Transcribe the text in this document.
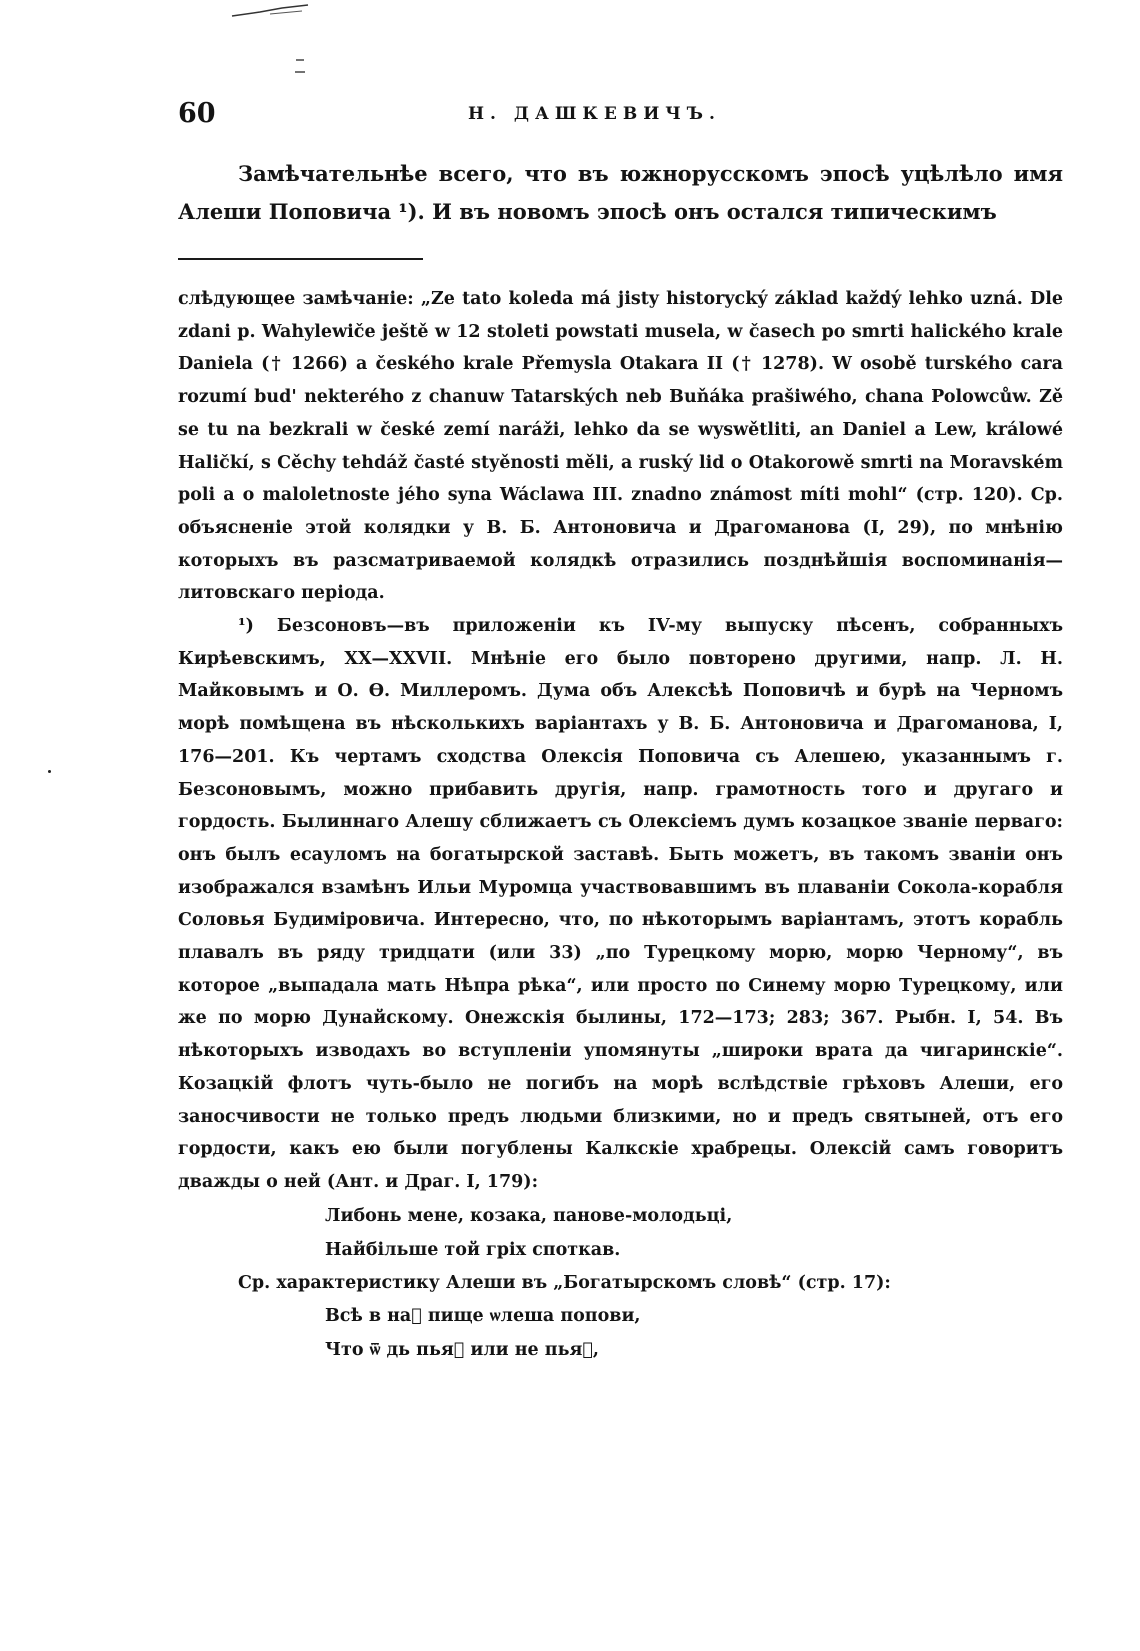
60	Н. ДАШКЕВИЧЪ.

Замѣчательнѣе всего, что въ южнорусскомъ эпосѣ уцѣлѣло имя Алеши Поповича ¹). И въ новомъ эпосѣ онъ остался типическимъ

слѣдующее замѣчаніе: „Ze tato koleda má jisty historycký základ každý lehko uzná. Dle zdani p. Wahylewiče ještě w 12 stoleti powstati musela, w časech po smrti halického krale Daniela († 1266) a českého krale Přemysla Otakara II († 1278). W osobě turského cara rozumí bud' nekterého z chanuw Tatarských neb Buňáka prašiwého, chana Polowcůw. Zě se tu na bezkrali w české zemí naráži, lehko da se wyswětliti, an Daniel a Lew, králowé Haličkí, s Cěchy tehdáž časté styěnosti měli, a ruský lid o Otakorowě smrti na Moravském poli a o maloletnoste jého syna Wáclawa III. znadno známost míti mohl“ (стр. 120). Ср. объясненіе этой колядки у В. Б. Антоновича и Драгоманова (I, 29), по мнѣнію которыхъ въ разсматриваемой колядкѣ отразились позднѣйшія воспоминанія—литовскаго періода.

¹) Безсоновъ—въ приложеніи къ IV-му выпуску пѣсенъ, собранныхъ Кирѣевскимъ, XX—XXVII. Мнѣніе его было повторено другими, напр. Л. Н. Майковымъ и О. Ѳ. Миллеромъ. Дума объ Алексѣѣ Поповичѣ и бурѣ на Черномъ морѣ помѣщена въ нѣсколькихъ варіантахъ у В. Б. Антоновича и Драгоманова, I, 176—201. Къ чертамъ сходства Олексія Поповича съ Алешею, указаннымъ г. Безсоновымъ, можно прибавить другія, напр. грамотность того и другаго и гордость. Былиннаго Алешу сближаетъ съ Олексіемъ думъ козацкое званіе перваго: онъ былъ есауломъ на богатырской заставѣ. Быть можетъ, въ такомъ званіи онъ изображался взамѣнъ Ильи Муромца участвовавшимъ въ плаваніи Сокола-корабля Соловья Будиміровича. Интересно, что, по нѣкоторымъ варіантамъ, этотъ корабль плавалъ въ ряду тридцати (или 33) „по Турецкому морю, морю Черному“, въ которое „выпадала мать Нѣпра рѣка“, или просто по Синему морю Турецкому, или же по морю Дунайскому. Онежскія былины, 172—173; 283; 367. Рыбн. I, 54. Въ нѣкоторыхъ изводахъ во вступленіи упомянуты „широки врата да чигаринскіе“. Козацкій флотъ чуть-было не погибъ на морѣ вслѣдствіе грѣховъ Алеши, его заносчивости не только предъ людьми близкими, но и предъ святыней, отъ его гордости, какъ ею были погублены Калкскіе храбрецы. Олексій самъ говоритъ дважды о ней (Ант. и Драг. I, 179):

Либонь мене, козака, панове-молодьці,
Найбільше той гріх споткав.

Ср. характеристику Алеши въ „Богатырскомъ словѣ“ (стр. 17):

Всѣ в наⷮ пище ѡлеша попови,
Что ѿ дь пьяⷮ или не пьяⷮ,
